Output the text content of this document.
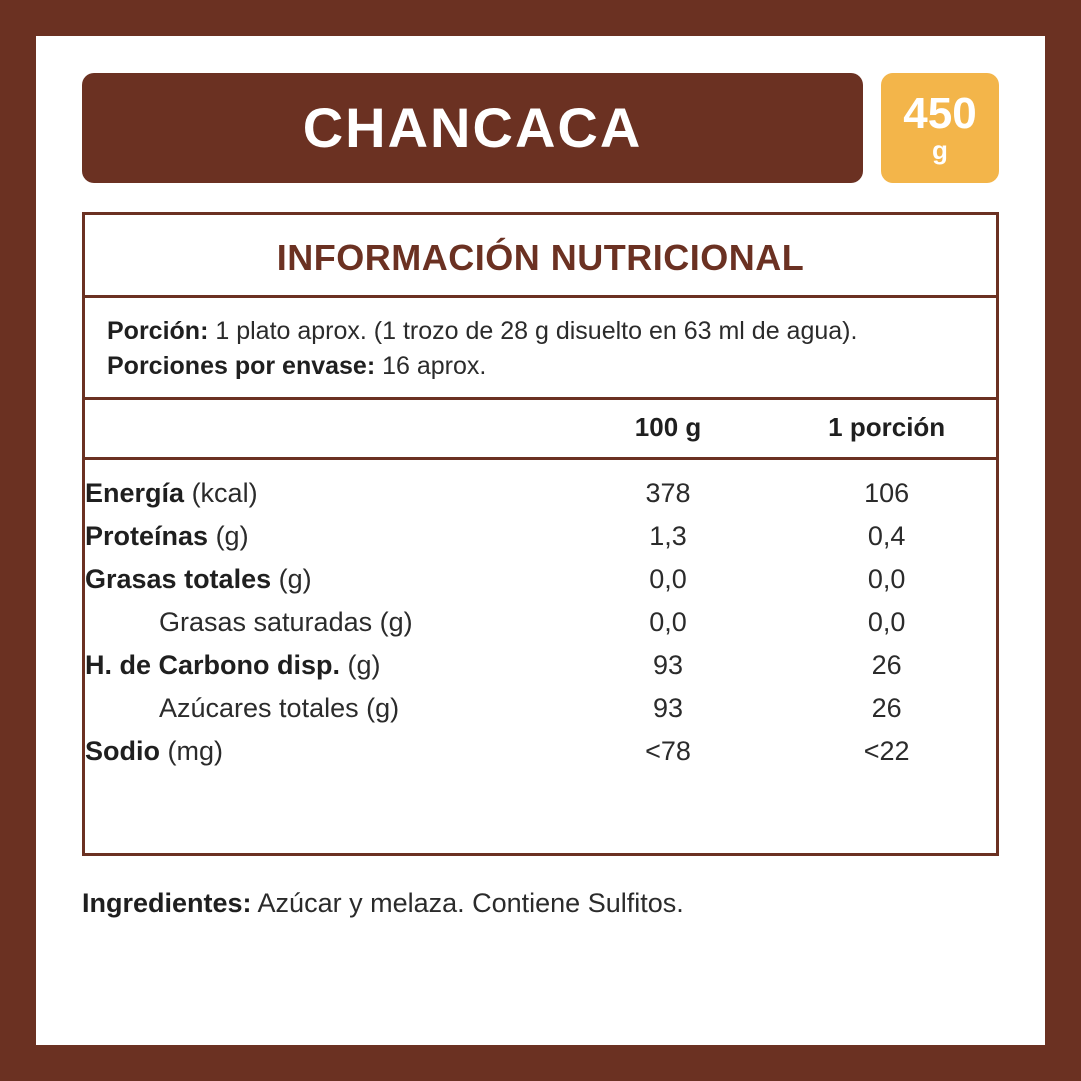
CHANCACA	450
g
INFORMACIÓN NUTRICIONAL
Porción: 1 plato aprox. (1 trozo de 28 g disuelto en 63 ml de agua).
Porciones por envase: 16 aprox.
	100 g	1 porción
Energía (kcal)	378	106
Proteínas (g)	1,3	0,4
Grasas totales (g)	0,0	0,0
Grasas saturadas (g)	0,0	0,0
H. de Carbono disp. (g)	93	26
Azúcares totales (g)	93	26
Sodio (mg)	<78	<22
Ingredientes: Azúcar y melaza. Contiene Sulfitos.
